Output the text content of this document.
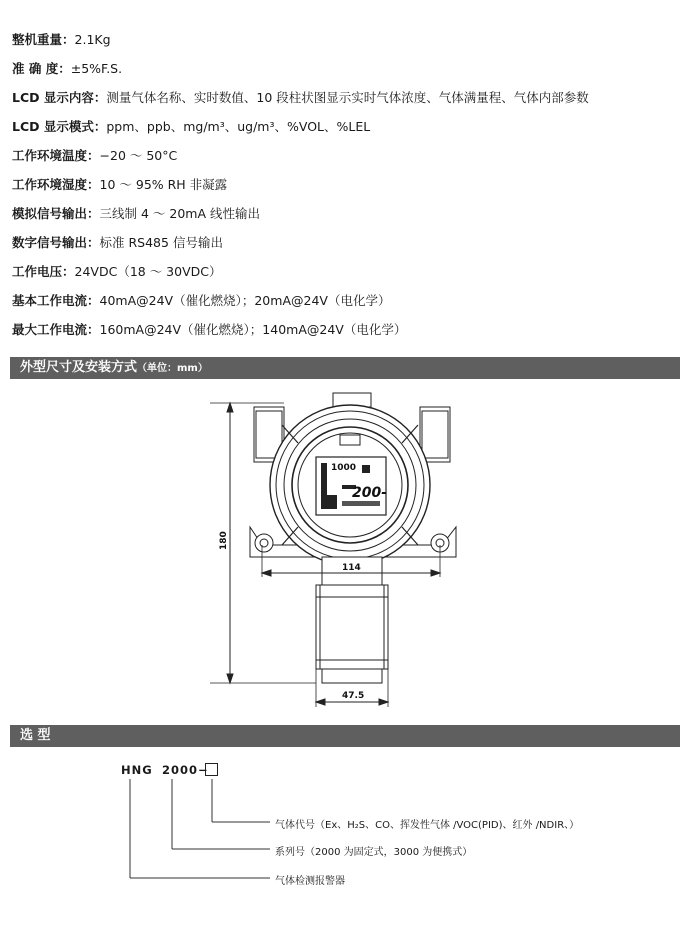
整机重量：2.1Kg
准 确 度：±5%F.S.
LCD 显示内容：测量气体名称、实时数值、10 段柱状图显示实时气体浓度、气体满量程、气体内部参数
LCD 显示模式：ppm、ppb、mg/m³、ug/m³、%VOL、%LEL
工作环境温度：−20 ～ 50°C
工作环境湿度：10 ～ 95% RH 非凝露
模拟信号输出：三线制 4 ～ 20mA 线性输出
数字信号输出：标准 RS485 信号输出
工作电压：24VDC（18 ～ 30VDC）
基本工作电流：40mA@24V（催化燃烧）；20mA@24V（电化学）
最大工作电流：160mA@24V（催化燃烧）；140mA@24V（电化学）
外型尺寸及安装方式（单位：mm）
1000
200-
180
114
47.5
选 型
HNG 2000−
气体代号（Ex、H₂S、CO、挥发性气体 /VOC(PID)、红外 /NDIR、）
系列号（2000 为固定式，3000 为便携式）
气体检测报警器
